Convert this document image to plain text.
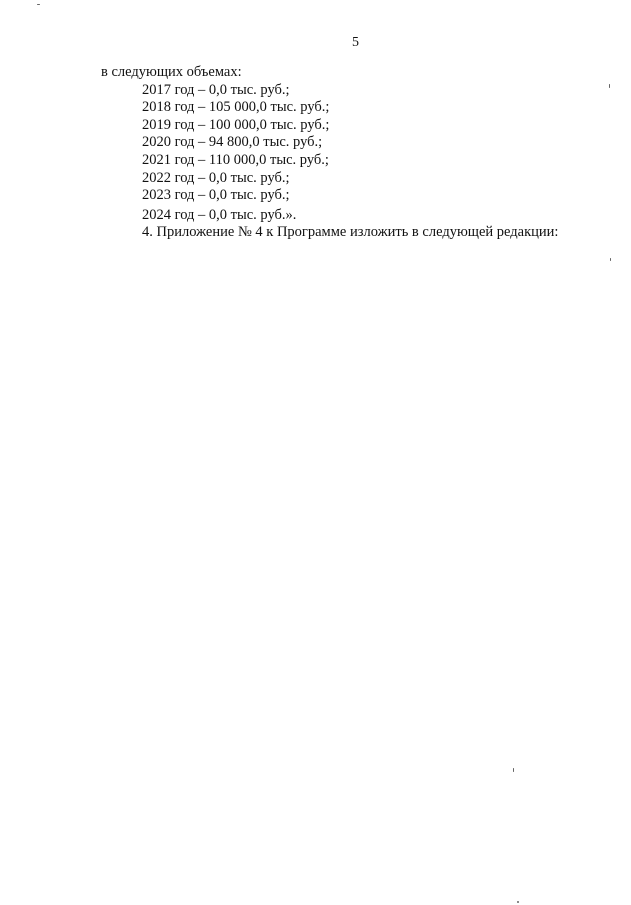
5
в следующих объемах:
2017 год – 0,0 тыс. руб.;
2018 год – 105 000,0 тыс. руб.;
2019 год – 100 000,0 тыс. руб.;
2020 год – 94 800,0 тыс. руб.;
2021 год – 110 000,0 тыс. руб.;
2022 год – 0,0 тыс. руб.;
2023 год – 0,0 тыс. руб.;
2024 год – 0,0 тыс. руб.».
4. Приложение № 4 к Программе изложить в следующей редакции:
